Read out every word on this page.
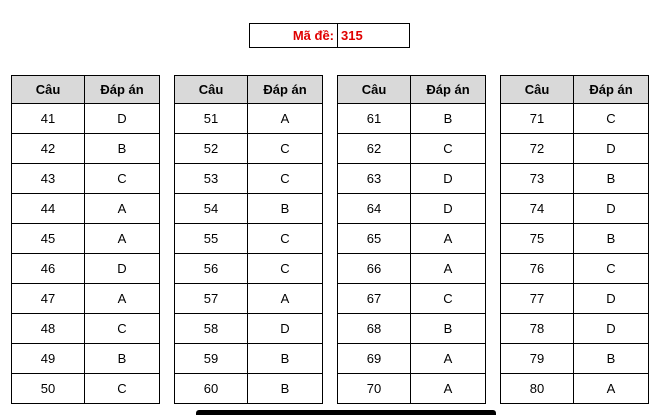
Mã đề: 315
Câu	Đáp án
41	D
42	B
43	C
44	A
45	A
46	D
47	A
48	C
49	B
50	C
Câu	Đáp án
51	A
52	C
53	C
54	B
55	C
56	C
57	A
58	D
59	B
60	B
Câu	Đáp án
61	B
62	C
63	D
64	D
65	A
66	A
67	C
68	B
69	A
70	A
Câu	Đáp án
71	C
72	D
73	B
74	D
75	B
76	C
77	D
78	D
79	B
80	A
